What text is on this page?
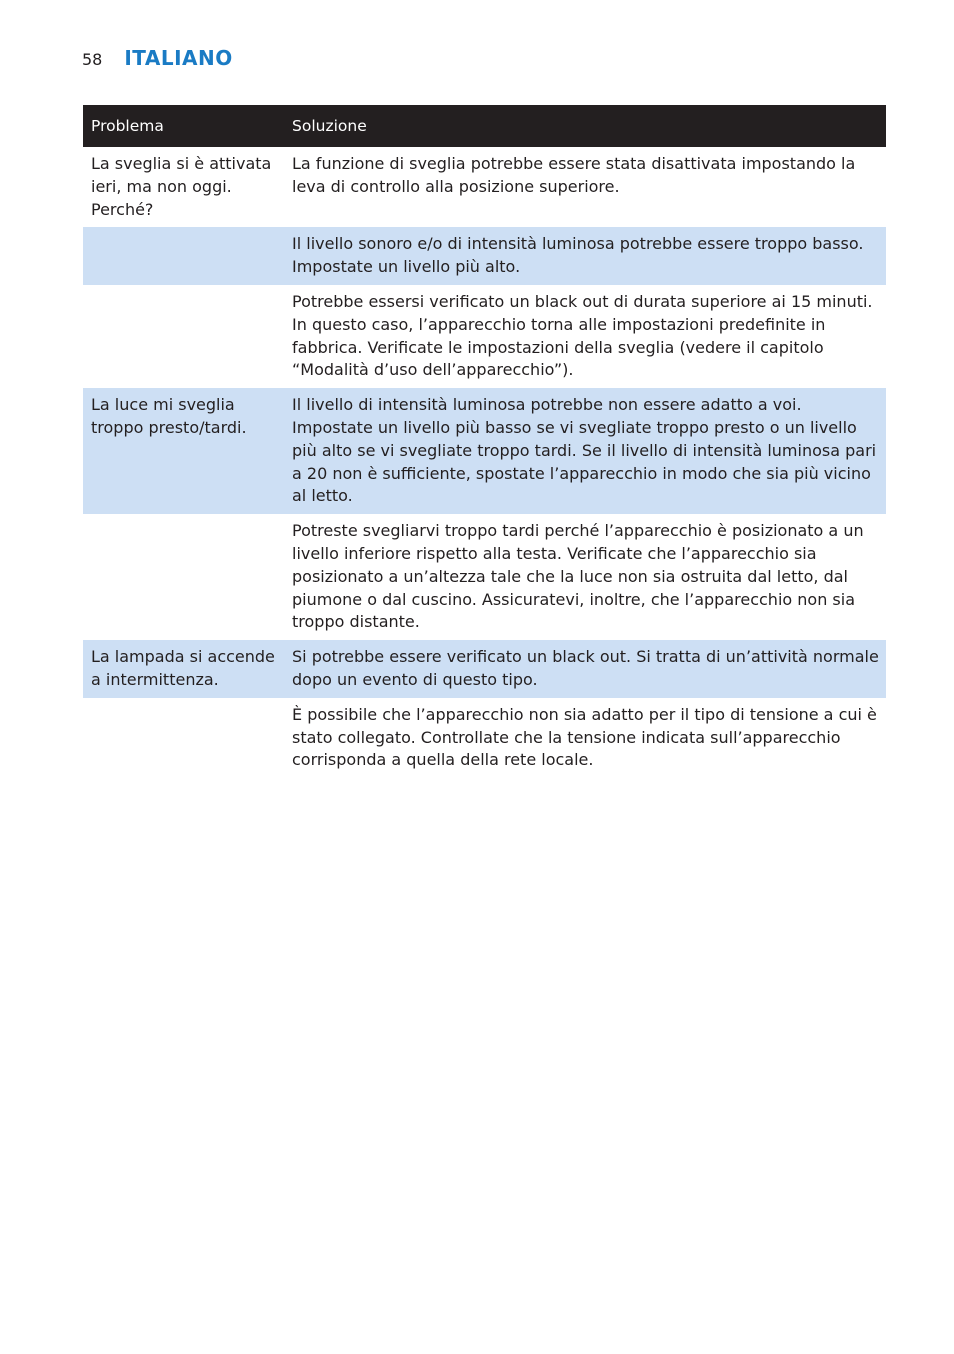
58 ITALIANO
Problema	Soluzione
La sveglia si è attivata ieri, ma non oggi. Perché?	La funzione di sveglia potrebbe essere stata disattivata impostando la leva di controllo alla posizione superiore.
	Il livello sonoro e/o di intensità luminosa potrebbe essere troppo basso. Impostate un livello più alto.
	Potrebbe essersi verificato un black out di durata superiore ai 15 minuti. In questo caso, l’apparecchio torna alle impostazioni predefinite in fabbrica. Verificate le impostazioni della sveglia (vedere il capitolo “Modalità d’uso dell’apparecchio”).
La luce mi sveglia troppo presto/tardi.	Il livello di intensità luminosa potrebbe non essere adatto a voi. Impostate un livello più basso se vi svegliate troppo presto o un livello più alto se vi svegliate troppo tardi. Se il livello di intensità luminosa pari a 20 non è sufficiente, spostate l’apparecchio in modo che sia più vicino al letto.
	Potreste svegliarvi troppo tardi perché l’apparecchio è posizionato a un livello inferiore rispetto alla testa. Verificate che l’apparecchio sia posizionato a un’altezza tale che la luce non sia ostruita dal letto, dal piumone o dal cuscino. Assicuratevi, inoltre, che l’apparecchio non sia troppo distante.
La lampada si accende a intermittenza.	Si potrebbe essere verificato un black out. Si tratta di un’attività normale dopo un evento di questo tipo.
	È possibile che l’apparecchio non sia adatto per il tipo di tensione a cui è stato collegato. Controllate che la tensione indicata sull’apparecchio corrisponda a quella della rete locale.
